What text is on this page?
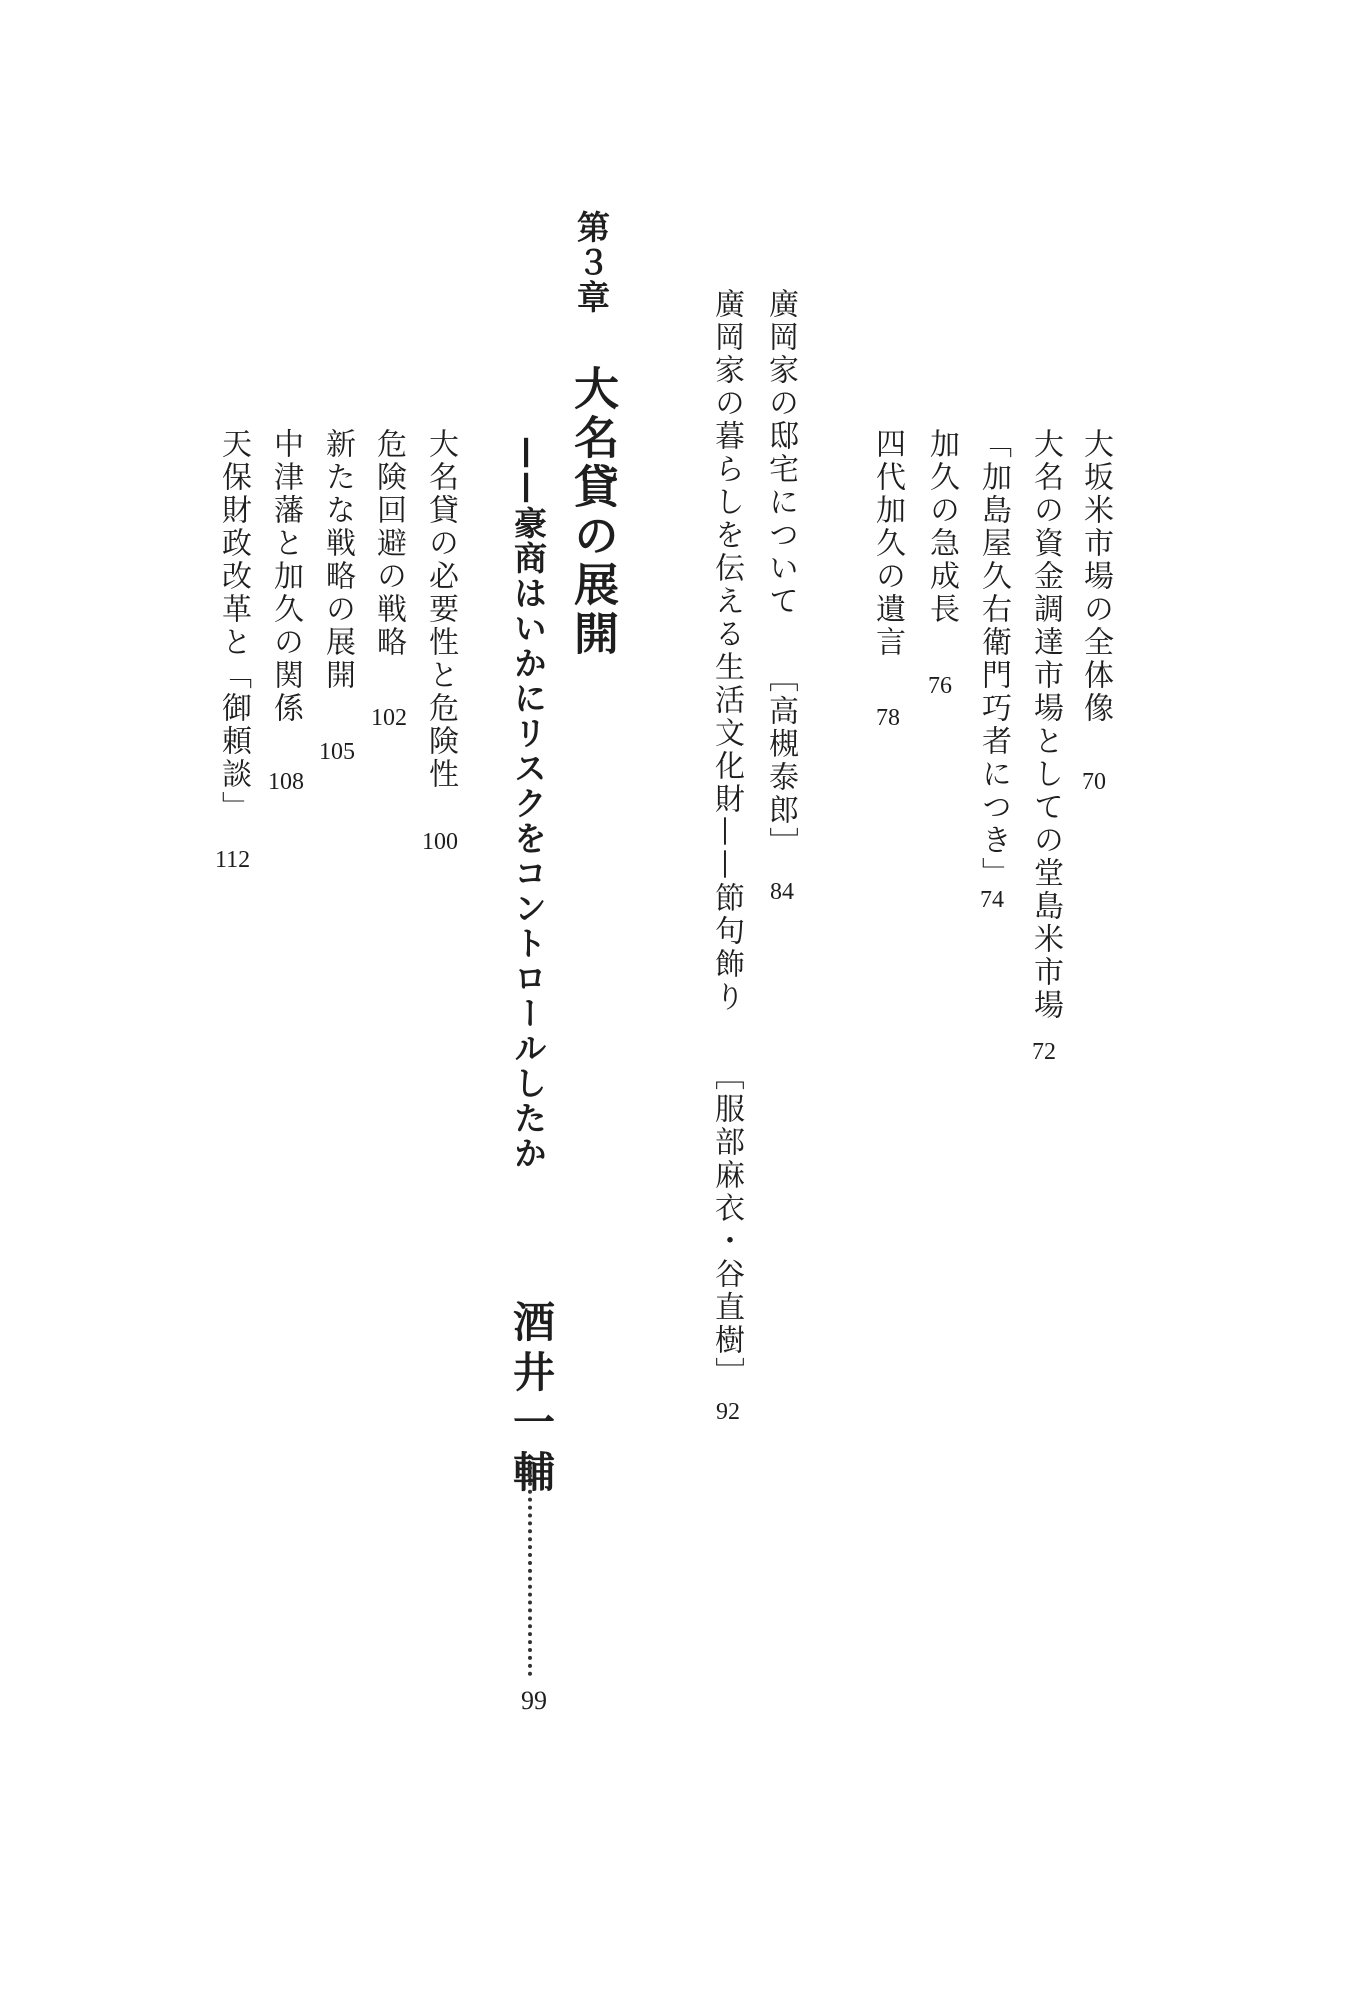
大坂米市場の全体像
70
大名の資金調達市場としての堂島米市場
72
「加島屋久右衛門巧者につき」
74
加久の急成長
76
四代加久の遺言
78
廣岡家の邸宅について
［高槻泰郎］
84
廣岡家の暮らしを伝える生活文化財——節句飾り
［服部麻衣・谷直樹］
92
第３章
大名貸の展開
——豪商はいかにリスクをコントロールしたか
酒井一輔
99
大名貸の必要性と危険性
100
危険回避の戦略
102
新たな戦略の展開
105
中津藩と加久の関係
108
天保財政改革と「御頼談」
112
